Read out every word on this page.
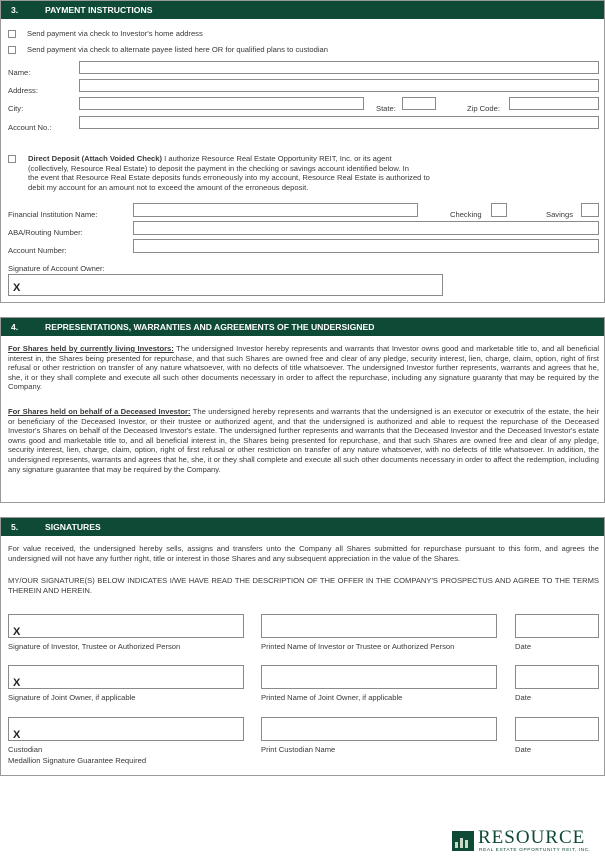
3.	PAYMENT INSTRUCTIONS
Send payment via check to Investor's home address
Send payment via check to alternate payee listed here OR for qualified plans to custodian
Name:
Address:
City:	State:	Zip Code:
Account No.:
Direct Deposit (Attach Voided Check) I authorize Resource Real Estate Opportunity REIT, Inc. or its agent
(collectively, Resource Real Estate) to deposit the payment in the checking or savings account identified below. In
the event that Resource Real Estate deposits funds erroneously into my account, Resource Real Estate is authorized to
debit my account for an amount not to exceed the amount of the erroneous deposit.
Financial Institution Name:	Checking	Savings
ABA/Routing Number:
Account Number:
Signature of Account Owner:
X
4.	REPRESENTATIONS, WARRANTIES AND AGREEMENTS OF THE UNDERSIGNED
For Shares held by currently living Investors: The undersigned Investor hereby represents and warrants that Investor owns good and marketable title to, and all beneficial interest in, the Shares being presented for repurchase, and that such Shares are owned free and clear of any pledge, security interest, lien, charge, claim, option, right of first refusal or other restriction on transfer of any nature whatsoever, with no defects of title whatsoever. The undersigned Investor further represents, warrants and agrees that he, she, it or they shall complete and execute all such other documents necessary in order to affect the repurchase, including any signature guaranty that may be required by the Company.
For Shares held on behalf of a Deceased Investor: The undersigned hereby represents and warrants that the undersigned is an executor or executrix of the estate, the heir or beneficiary of the Deceased Investor, or their trustee or authorized agent, and that the undersigned is authorized and able to request the repurchase of the Deceased Investor's Shares on behalf of the Deceased Investor's estate. The undersigned further represents and warrants that the Deceased Investor and the Deceased Investor's estate owns good and marketable title to, and all beneficial interest in, the Shares being presented for repurchase, and that such Shares are owned free and clear of any pledge, security interest, lien, charge, claim, option, right of first refusal or other restriction on transfer of any nature whatsoever, with no defects of title whatsoever. In addition, the undersigned represents, warrants and agrees that he, she, it or they shall complete and execute all such other documents necessary in order to affect the redemption, including any signature guarantee that may be required by the Company.
5.	SIGNATURES
For value received, the undersigned hereby sells, assigns and transfers unto the Company all Shares submitted for repurchase pursuant to this form, and agrees the undersigned will not have any further right, title or interest in those Shares and any subsequent appreciation in the value of the Shares.
MY/OUR SIGNATURE(S) BELOW INDICATES I/WE HAVE READ THE DESCRIPTION OF THE OFFER IN THE COMPANY'S PROSPECTUS AND AGREE TO THE TERMS THEREIN AND HEREIN.
X
Signature of Investor, Trustee or Authorized Person	Printed Name of Investor or Trustee or Authorized Person	Date
X
Signature of Joint Owner, if applicable	Printed Name of Joint Owner, if applicable	Date
X
Custodian	Print Custodian Name	Date
Medallion Signature Guarantee Required
RESOURCE
REAL ESTATE OPPORTUNITY REIT, INC.
